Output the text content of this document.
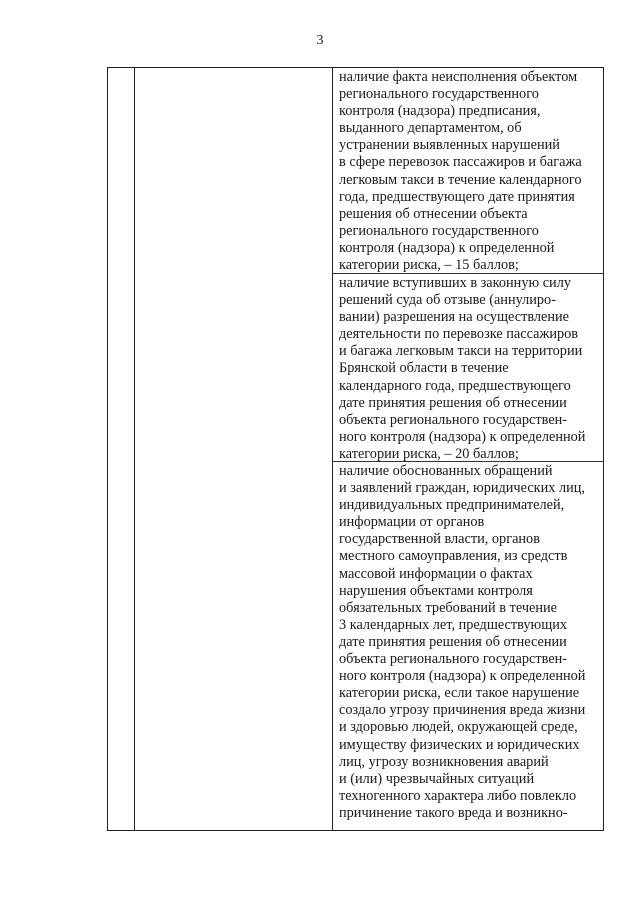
3
наличие факта неисполнения объектом
регионального государственного
контроля (надзора) предписания,
выданного департаментом, об
устранении выявленных нарушений
в сфере перевозок пассажиров и багажа
легковым такси в течение календарного
года, предшествующего дате принятия
решения об отнесении объекта
регионального государственного
контроля (надзора) к определенной
категории риска, – 15 баллов;
наличие вступивших в законную силу
решений суда об отзыве (аннулиро-
вании) разрешения на осуществление
деятельности по перевозке пассажиров
и багажа легковым такси на территории
Брянской области в течение
календарного года, предшествующего
дате принятия решения об отнесении
объекта регионального государствен-
ного контроля (надзора) к определенной
категории риска, – 20 баллов;
наличие обоснованных обращений
и заявлений граждан, юридических лиц,
индивидуальных предпринимателей,
информации от органов
государственной власти, органов
местного самоуправления, из средств
массовой информации о фактах
нарушения объектами контроля
обязательных требований в течение
3 календарных лет, предшествующих
дате принятия решения об отнесении
объекта регионального государствен-
ного контроля (надзора) к определенной
категории риска, если такое нарушение
создало угрозу причинения вреда жизни
и здоровью людей, окружающей среде,
имуществу физических и юридических
лиц, угрозу возникновения аварий
и (или) чрезвычайных ситуаций
техногенного характера либо повлекло
причинение такого вреда и возникно-
